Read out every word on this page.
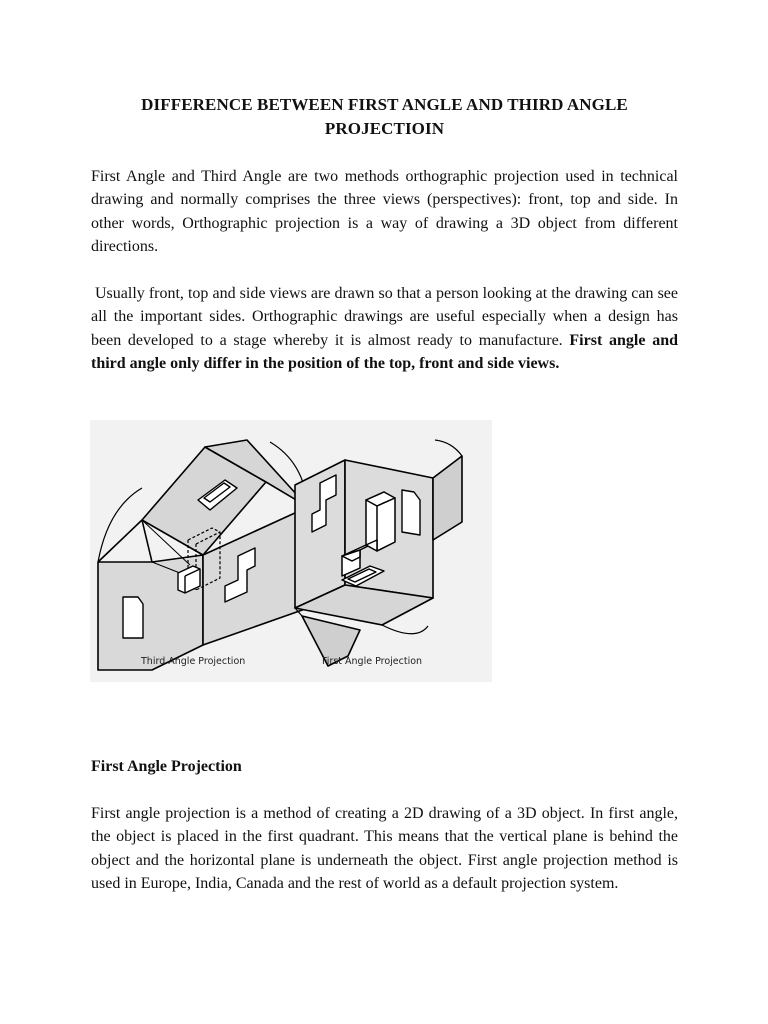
DIFFERENCE BETWEEN FIRST ANGLE AND THIRD ANGLE PROJECTIOIN

First Angle and Third Angle are two methods orthographic projection used in technical drawing and normally comprises the three views (perspectives): front, top and side. In other words, Orthographic projection is a way of drawing a 3D object from different directions.

Usually front, top and side views are drawn so that a person looking at the drawing can see all the important sides. Orthographic drawings are useful especially when a design has been developed to a stage whereby it is almost ready to manufacture. First angle and third angle only differ in the position of the top, front and side views.

Third Angle Projection	First Angle Projection
First Angle Projection

First angle projection is a method of creating a 2D drawing of a 3D object. In first angle, the object is placed in the first quadrant. This means that the vertical plane is behind the object and the horizontal plane is underneath the object. First angle projection method is used in Europe, India, Canada and the rest of world as a default projection system.
